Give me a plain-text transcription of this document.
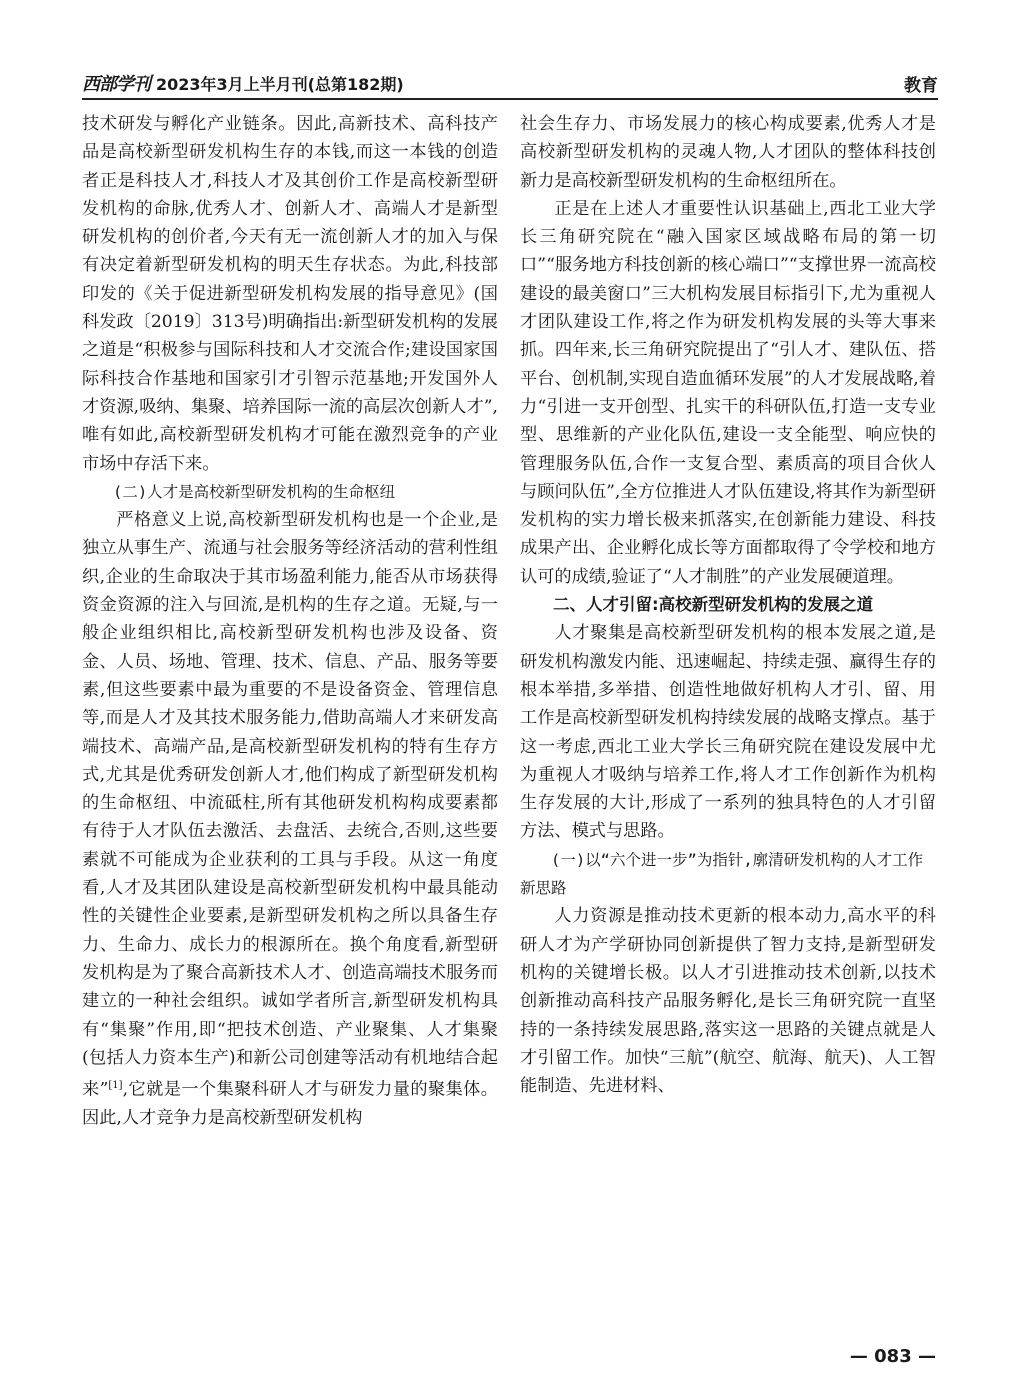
西部学刊 2023年3月上半月刊(总第182期)	教育

技术研发与孵化产业链条。因此,高新技术、高科技产品是高校新型研发机构生存的本钱,而这一本钱的创造者正是科技人才,科技人才及其创价工作是高校新型研发机构的命脉,优秀人才、创新人才、高端人才是新型研发机构的创价者,今天有无一流创新人才的加入与保有决定着新型研发机构的明天生存状态。为此,科技部印发的《关于促进新型研发机构发展的指导意见》(国科发政〔2019〕313号)明确指出:新型研发机构的发展之道是“积极参与国际科技和人才交流合作;建设国家国际科技合作基地和国家引才引智示范基地;开发国外人才资源,吸纳、集聚、培养国际一流的高层次创新人才”,唯有如此,高校新型研发机构才可能在激烈竞争的产业市场中存活下来。

(二)人才是高校新型研发机构的生命枢纽

严格意义上说,高校新型研发机构也是一个企业,是独立从事生产、流通与社会服务等经济活动的营利性组织,企业的生命取决于其市场盈利能力,能否从市场获得资金资源的注入与回流,是机构的生存之道。无疑,与一般企业组织相比,高校新型研发机构也涉及设备、资金、人员、场地、管理、技术、信息、产品、服务等要素,但这些要素中最为重要的不是设备资金、管理信息等,而是人才及其技术服务能力,借助高端人才来研发高端技术、高端产品,是高校新型研发机构的特有生存方式,尤其是优秀研发创新人才,他们构成了新型研发机构的生命枢纽、中流砥柱,所有其他研发机构构成要素都有待于人才队伍去激活、去盘活、去统合,否则,这些要素就不可能成为企业获利的工具与手段。从这一角度看,人才及其团队建设是高校新型研发机构中最具能动性的关键性企业要素,是新型研发机构之所以具备生存力、生命力、成长力的根源所在。换个角度看,新型研发机构是为了聚合高新技术人才、创造高端技术服务而建立的一种社会组织。诚如学者所言,新型研发机构具有“集聚”作用,即“把技术创造、产业聚集、人才集聚(包括人力资本生产)和新公司创建等活动有机地结合起来”[1],它就是一个集聚科研人才与研发力量的聚集体。因此,人才竞争力是高校新型研发机构

社会生存力、市场发展力的核心构成要素,优秀人才是高校新型研发机构的灵魂人物,人才团队的整体科技创新力是高校新型研发机构的生命枢纽所在。

正是在上述人才重要性认识基础上,西北工业大学长三角研究院在“融入国家区域战略布局的第一切口”“服务地方科技创新的核心端口”“支撑世界一流高校建设的最美窗口”三大机构发展目标指引下,尤为重视人才团队建设工作,将之作为研发机构发展的头等大事来抓。四年来,长三角研究院提出了“引人才、建队伍、搭平台、创机制,实现自造血循环发展”的人才发展战略,着力“引进一支开创型、扎实干的科研队伍,打造一支专业型、思维新的产业化队伍,建设一支全能型、响应快的管理服务队伍,合作一支复合型、素质高的项目合伙人与顾问队伍”,全方位推进人才队伍建设,将其作为新型研发机构的实力增长极来抓落实,在创新能力建设、科技成果产出、企业孵化成长等方面都取得了令学校和地方认可的成绩,验证了“人才制胜”的产业发展硬道理。

二、人才引留:高校新型研发机构的发展之道

人才聚集是高校新型研发机构的根本发展之道,是研发机构激发内能、迅速崛起、持续走强、赢得生存的根本举措,多举措、创造性地做好机构人才引、留、用工作是高校新型研发机构持续发展的战略支撑点。基于这一考虑,西北工业大学长三角研究院在建设发展中尤为重视人才吸纳与培养工作,将人才工作创新作为机构生存发展的大计,形成了一系列的独具特色的人才引留方法、模式与思路。

(一)以“六个进一步”为指针,廓清研发机构的人才工作新思路

人力资源是推动技术更新的根本动力,高水平的科研人才为产学研协同创新提供了智力支持,是新型研发机构的关键增长极。以人才引进推动技术创新,以技术创新推动高科技产品服务孵化,是长三角研究院一直坚持的一条持续发展思路,落实这一思路的关键点就是人才引留工作。加快“三航”(航空、航海、航天)、人工智能制造、先进材料、

— 083 —
